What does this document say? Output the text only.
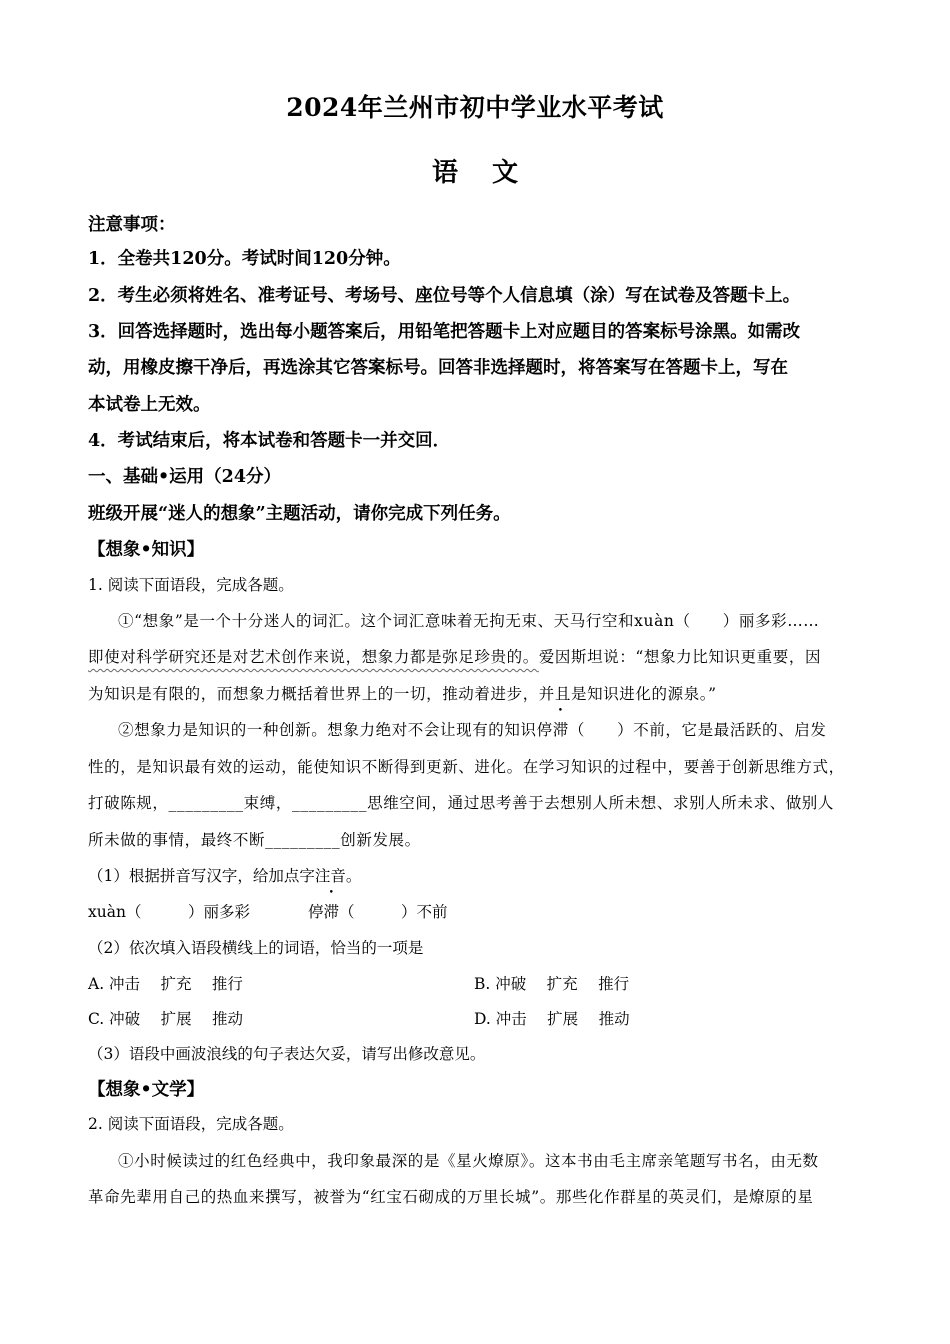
2024年兰州市初中学业水平考试
语文
注意事项：
1．全卷共120分。考试时间120分钟。
2．考生必须将姓名、准考证号、考场号、座位号等个人信息填（涂）写在试卷及答题卡上。
3．回答选择题时，选出每小题答案后，用铅笔把答题卡上对应题目的答案标号涂黑。如需改
动，用橡皮擦干净后，再选涂其它答案标号。回答非选择题时，将答案写在答题卡上，写在
本试卷上无效。
4．考试结束后，将本试卷和答题卡一并交回．
一、基础•运用（24分）
班级开展“迷人的想象”主题活动，请你完成下列任务。
【想象•知识】
1. 阅读下面语段，完成各题。
①“想象”是一个十分迷人的词汇。这个词汇意味着无拘无束、天马行空和xuàn（　　）丽多彩……
即使对科学研究还是对艺术创作来说，想象力都是弥足珍贵的。爱因斯坦说：“想象力比知识更重要，因
为知识是有限的，而想象力概括着世界上的一切，推动着进步，并且是知识进化的源泉。”
②想象力是知识的一种创新。想象力绝对不会让现有的知识停滞（　　）不前，它是最活跃的、启发
性的，是知识最有效的运动，能使知识不断得到更新、进化。在学习知识的过程中，要善于创新思维方式，
打破陈规，_________束缚，_________思维空间，通过思考善于去想别人所未想、求别人所未求、做别人
所未做的事情，最终不断_________创新发展。
（1）根据拼音写汉字，给加点字注音。
xuàn（　　　）丽多彩	停滞（　　　）不前
（2）依次填入语段横线上的词语，恰当的一项是
A. 冲击　 扩充　 推行	B. 冲破　 扩充　 推行
C. 冲破　 扩展　 推动	D. 冲击　 扩展　 推动
（3）语段中画波浪线的句子表达欠妥，请写出修改意见。
【想象•文学】
2. 阅读下面语段，完成各题。
①小时候读过的红色经典中，我印象最深的是《星火燎原》。这本书由毛主席亲笔题写书名，由无数
革命先辈用自己的热血来撰写，被誉为“红宝石砌成的万里长城”。那些化作群星的英灵们，是燎原的星
